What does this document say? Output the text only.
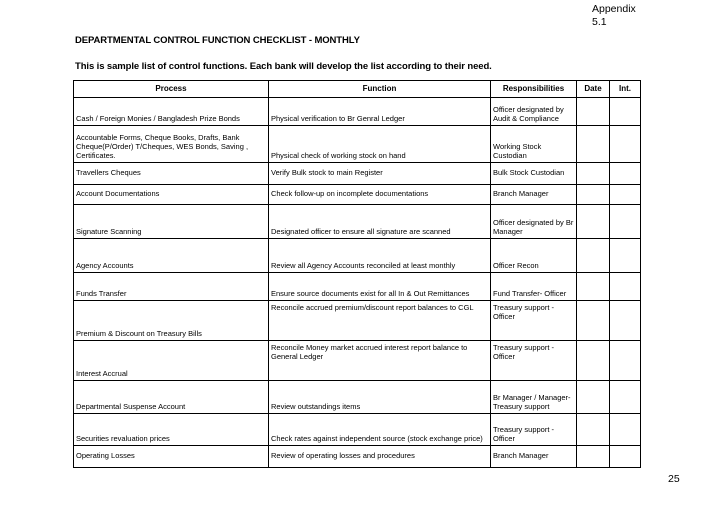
Appendix
5.1
DEPARTMENTAL CONTROL FUNCTION CHECKLIST - MONTHLY
This is sample list of control functions. Each bank will develop the list according to their need.
Process	Function	Responsibilities	Date	Int.
Cash / Foreign Monies / Bangladesh Prize Bonds	Physical verification to Br Genral Ledger	Officer designated by Audit & Compliance		
Accountable Forms, Cheque Books, Drafts, Bank Cheque(P/Order) T/Cheques, WES Bonds, Saving , Certificates.	Physical check of working stock on hand	Working Stock Custodian		
Travellers Cheques	Verify Bulk stock to main Register	Bulk Stock Custodian		
Account Documentations	Check follow-up on incomplete documentations	Branch Manager		
Signature Scanning	Designated officer to ensure all signature are scanned	Officer designated by Br Manager		
Agency Accounts	Review all Agency Accounts reconciled at least monthly	Officer Recon		
Funds Transfer	Ensure source documents exist for all In & Out Remittances	Fund Transfer- Officer		
Premium & Discount on Treasury Bills	Reconcile accrued premium/discount report balances to CGL	Treasury support - Officer		
Interest Accrual	Reconcile Money market accrued interest report balance to General Ledger	Treasury support - Officer		
Departmental Suspense Account	Review outstandings items	Br Manager / Manager- Treasury support		
Securities revaluation prices	Check rates against independent source (stock exchange price)	Treasury support - Officer		
Operating Losses	Review of operating losses and procedures	Branch Manager		
25
